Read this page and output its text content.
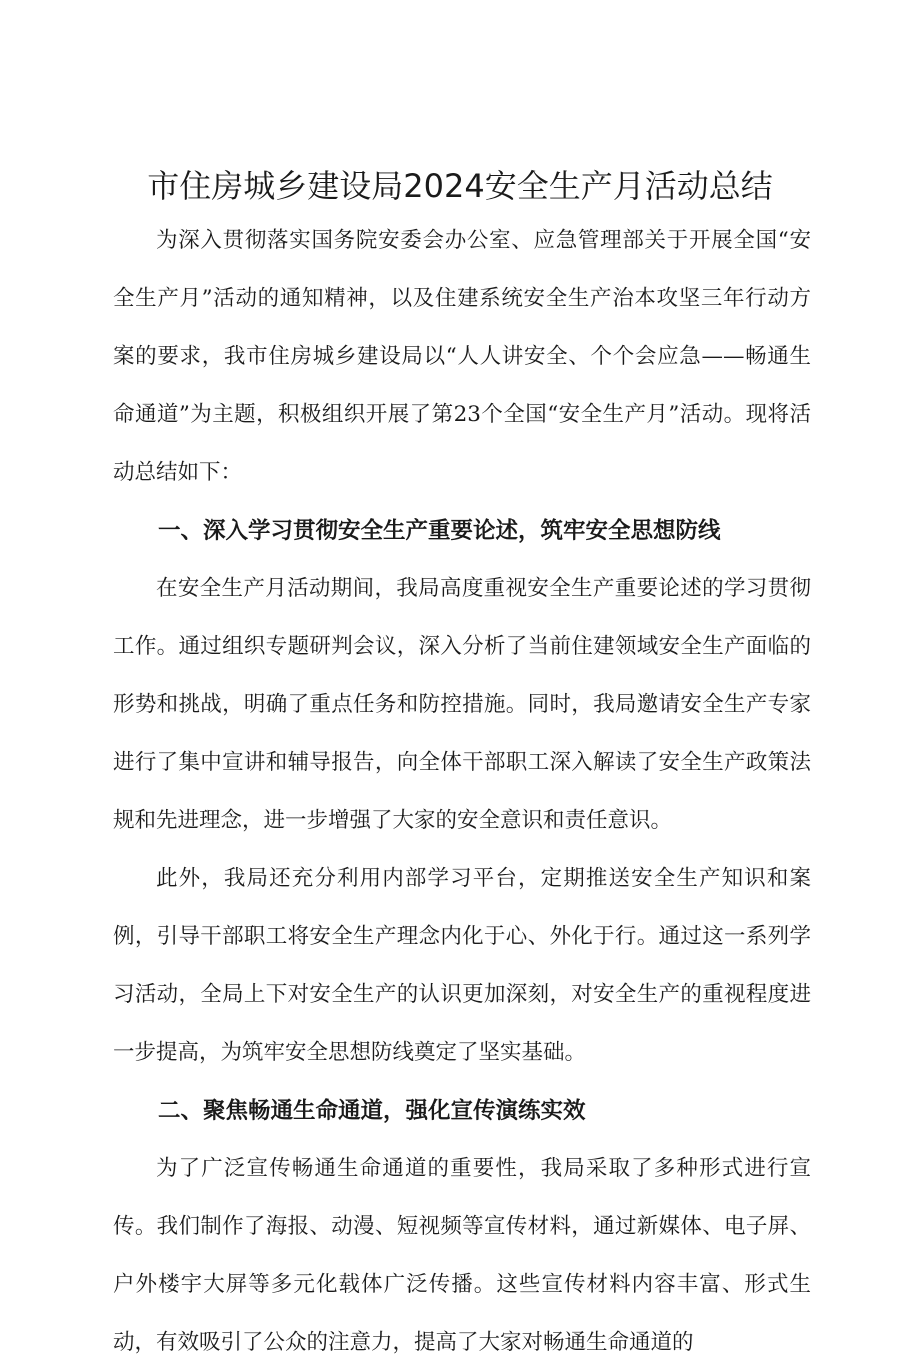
市住房城乡建设局2024安全生产月活动总结

为深入贯彻落实国务院安委会办公室、应急管理部关于开展全国“安全生产月”活动的通知精神，以及住建系统安全生产治本攻坚三年行动方案的要求，我市住房城乡建设局以“人人讲安全、个个会应急——畅通生命通道”为主题，积极组织开展了第23个全国“安全生产月”活动。现将活动总结如下：

一、深入学习贯彻安全生产重要论述，筑牢安全思想防线

在安全生产月活动期间，我局高度重视安全生产重要论述的学习贯彻工作。通过组织专题研判会议，深入分析了当前住建领域安全生产面临的形势和挑战，明确了重点任务和防控措施。同时，我局邀请安全生产专家进行了集中宣讲和辅导报告，向全体干部职工深入解读了安全生产政策法规和先进理念，进一步增强了大家的安全意识和责任意识。

此外，我局还充分利用内部学习平台，定期推送安全生产知识和案例，引导干部职工将安全生产理念内化于心、外化于行。通过这一系列学习活动，全局上下对安全生产的认识更加深刻，对安全生产的重视程度进一步提高，为筑牢安全思想防线奠定了坚实基础。

二、聚焦畅通生命通道，强化宣传演练实效

为了广泛宣传畅通生命通道的重要性，我局采取了多种形式进行宣传。我们制作了海报、动漫、短视频等宣传材料，通过新媒体、电子屏、户外楼宇大屏等多元化载体广泛传播。这些宣传材料内容丰富、形式生动，有效吸引了公众的注意力，提高了大家对畅通生命通道的
